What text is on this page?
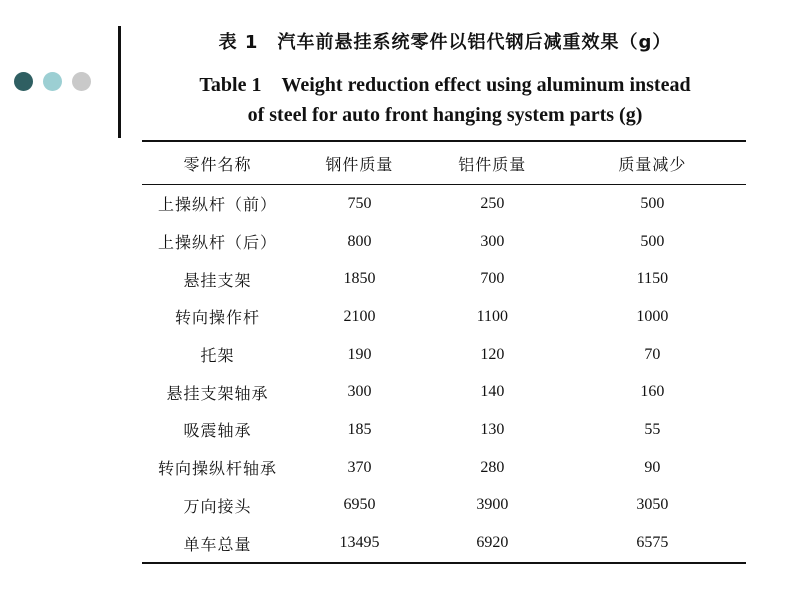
表 1　汽车前悬挂系统零件以铝代钢后减重效果（g）
Table 1　Weight reduction effect using aluminum instead
of steel for auto front hanging system parts (g)
零件名称	钢件质量	铝件质量	质量减少
上操纵杆（前）	750	250	500
上操纵杆（后）	800	300	500
悬挂支架	1850	700	1150
转向操作杆	2100	1100	1000
托架	190	120	70
悬挂支架轴承	300	140	160
吸震轴承	185	130	55
转向操纵杆轴承	370	280	90
万向接头	6950	3900	3050
单车总量	13495	6920	6575
